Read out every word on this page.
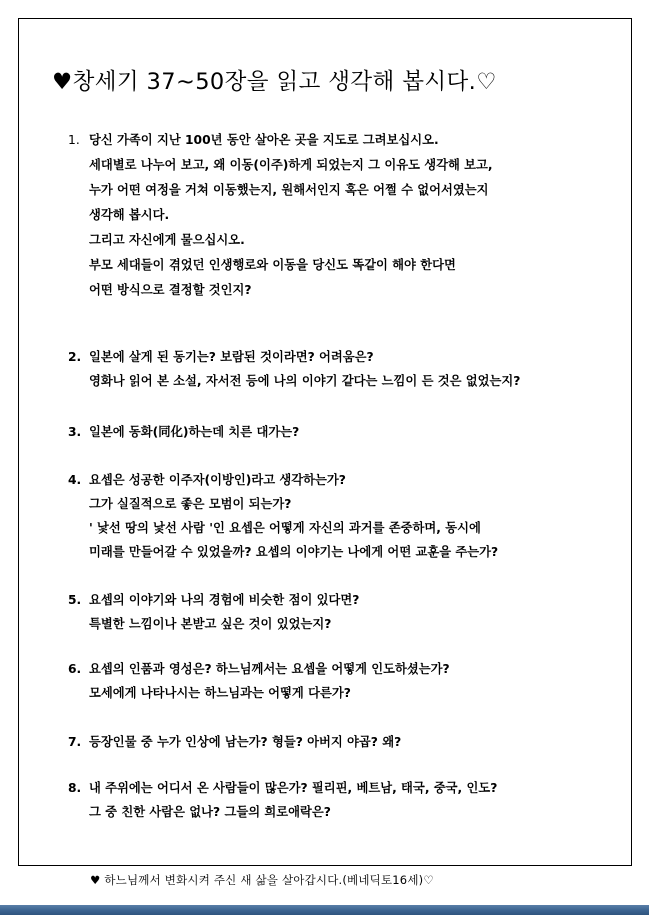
♥창세기 37~50장을 읽고 생각해 봅시다.♡
1. 당신 가족이 지난 100년 동안 살아온 곳을 지도로 그려보십시오.
세대별로 나누어 보고, 왜 이동(이주)하게 되었는지 그 이유도 생각해 보고,
누가 어떤 여정을 거쳐 이동했는지, 원해서인지 혹은 어쩔 수 없어서였는지
생각해 봅시다.
그리고 자신에게 물으십시오.
부모 세대들이 겪었던 인생행로와 이동을 당신도 똑같이 해야 한다면
어떤 방식으로 결정할 것인지?
2. 일본에 살게 된 동기는? 보람된 것이라면? 어려움은?
영화나 읽어 본 소설, 자서전 등에 나의 이야기 같다는 느낌이 든 것은 없었는지?
3. 일본에 동화(同化)하는데 치른 대가는?
4. 요셉은 성공한 이주자(이방인)라고 생각하는가?
그가 실질적으로 좋은 모범이 되는가?
' 낯선 땅의 낯선 사람 '인 요셉은 어떻게 자신의 과거를 존중하며, 동시에
미래를 만들어갈 수 있었을까? 요셉의 이야기는 나에게 어떤 교훈을 주는가?
5. 요셉의 이야기와 나의 경험에 비슷한 점이 있다면?
특별한 느낌이나 본받고 싶은 것이 있었는지?
6. 요셉의 인품과 영성은? 하느님께서는 요셉을 어떻게 인도하셨는가?
모세에게 나타나시는 하느님과는 어떻게 다른가?
7. 등장인물 중 누가 인상에 남는가? 형들? 아버지 야곱? 왜?
8. 내 주위에는 어디서 온 사람들이 많은가? 필리핀, 베트남, 태국, 중국, 인도?
그 중 친한 사람은 없나? 그들의 희로애락은?
♥ 하느님께서 변화시켜 주신 새 삶을 살아갑시다.(베네딕토16세)♡
